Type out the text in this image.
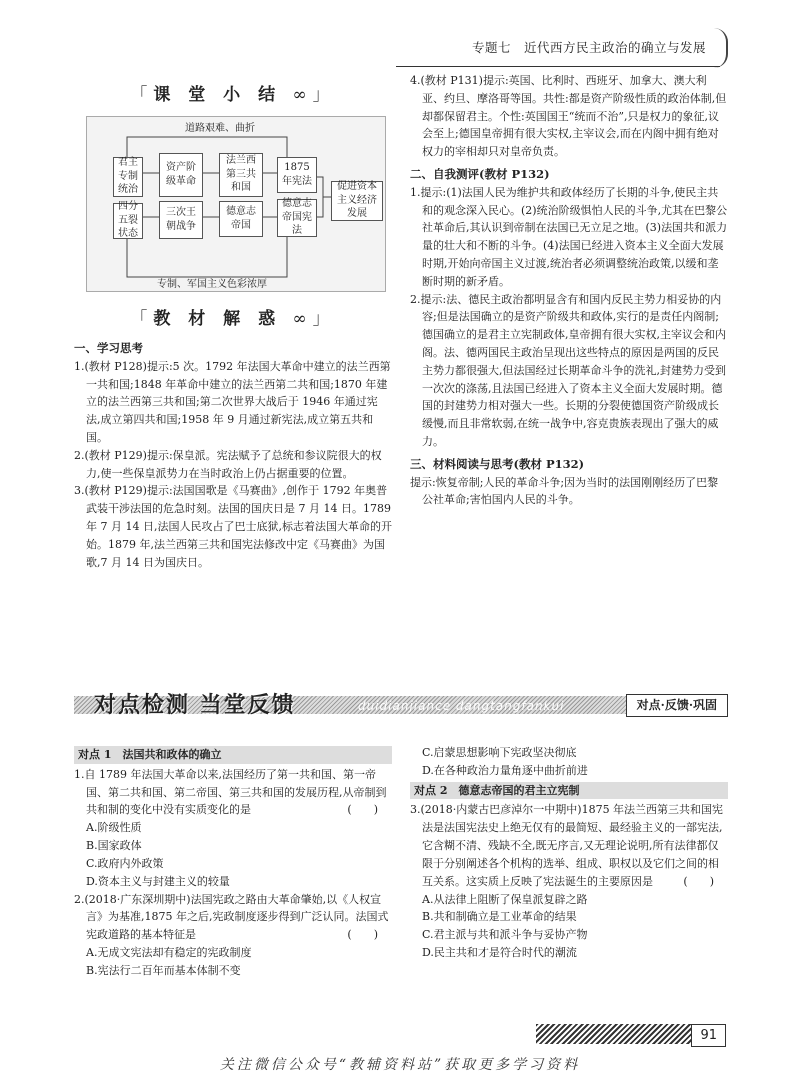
专题七　近代西方民主政治的确立与发展
「课 堂 小 结 ∞」
道路艰难、曲折
专制、军国主义色彩浓厚
君主专制统治
资产阶级革命
法兰西第三共和国
1875年宪法
促进资本主义经济发展
四分五裂状态
三次王朝战争
德意志帝国
德意志帝国宪法
「教 材 解 惑 ∞」
一、学习思考
1.(教材 P128)提示:5 次。1792 年法国大革命中建立的法兰西第一共和国;1848 年革命中建立的法兰西第二共和国;1870 年建立的法兰西第三共和国;第二次世界大战后于 1946 年通过宪法,成立第四共和国;1958 年 9 月通过新宪法,成立第五共和国。
2.(教材 P129)提示:保皇派。宪法赋予了总统和参议院很大的权力,使一些保皇派势力在当时政治上仍占据重要的位置。
3.(教材 P129)提示:法国国歌是《马赛曲》,创作于 1792 年奥普武装干涉法国的危急时刻。法国的国庆日是 7 月 14 日。1789 年 7 月 14 日,法国人民攻占了巴士底狱,标志着法国大革命的开始。1879 年,法兰西第三共和国宪法修改中定《马赛曲》为国歌,7 月 14 日为国庆日。
4.(教材 P131)提示:英国、比利时、西班牙、加拿大、澳大利亚、约旦、摩洛哥等国。共性:都是资产阶级性质的政治体制,但却都保留君主。个性:英国国王“统而不治”,只是权力的象征,议会至上;德国皇帝拥有很大实权,主宰议会,而在内阁中拥有绝对权力的宰相却只对皇帝负责。
二、自我测评(教材 P132)
1.提示:(1)法国人民为维护共和政体经历了长期的斗争,使民主共和的观念深入民心。(2)统治阶级惧怕人民的斗争,尤其在巴黎公社革命后,其认识到帝制在法国已无立足之地。(3)法国共和派力量的壮大和不断的斗争。(4)法国已经进入资本主义全面大发展时期,开始向帝国主义过渡,统治者必须调整统治政策,以缓和垄断时期的新矛盾。
2.提示:法、德民主政治都明显含有和国内反民主势力相妥协的内容;但是法国确立的是资产阶级共和政体,实行的是责任内阁制;德国确立的是君主立宪制政体,皇帝拥有很大实权,主宰议会和内阁。法、德两国民主政治呈现出这些特点的原因是两国的反民主势力都很强大,但法国经过长期革命斗争的洗礼,封建势力受到一次次的涤荡,且法国已经进入了资本主义全面大发展时期。德国的封建势力相对强大一些。长期的分裂使德国资产阶级成长缓慢,而且非常软弱,在统一战争中,容克贵族表现出了强大的威力。
三、材料阅读与思考(教材 P132)
提示:恢复帝制;人民的革命斗争;因为当时的法国刚刚经历了巴黎公社革命;害怕国内人民的斗争。
对点检测 当堂反馈	duidianjiance dangtangfankui	对点·反馈·巩固
对点 1　法国共和政体的确立
1.自 1789 年法国大革命以来,法国经历了第一共和国、第一帝国、第二共和国、第二帝国、第三共和国的发展历程,从帝制到共和制的变化中没有实质变化的是	(　　)
A.阶级性质
B.国家政体
C.政府内外政策
D.资本主义与封建主义的较量
2.(2018·广东深圳期中)法国宪政之路由大革命肇始,以《人权宣言》为基准,1875 年之后,宪政制度逐步得到广泛认同。法国式宪政道路的基本特征是	(　　)
A.无成文宪法却有稳定的宪政制度
B.宪法行二百年而基本体制不变
C.启蒙思想影响下宪政坚决彻底
D.在各种政治力量角逐中曲折前进
对点 2　德意志帝国的君主立宪制
3.(2018·内蒙古巴彦淖尔一中期中)1875 年法兰西第三共和国宪法是法国宪法史上绝无仅有的最简短、最经验主义的一部宪法,它含糊不清、残缺不全,既无序言,又无理论说明,所有法律都仅限于分别阐述各个机构的选举、组成、职权以及它们之间的相互关系。这实质上反映了宪法诞生的主要原因是	(　　)
A.从法律上阻断了保皇派复辟之路
B.共和制确立是工业革命的结果
C.君主派与共和派斗争与妥协产物
D.民主共和才是符合时代的潮流
91
关注微信公众号“教辅资料站”获取更多学习资料
